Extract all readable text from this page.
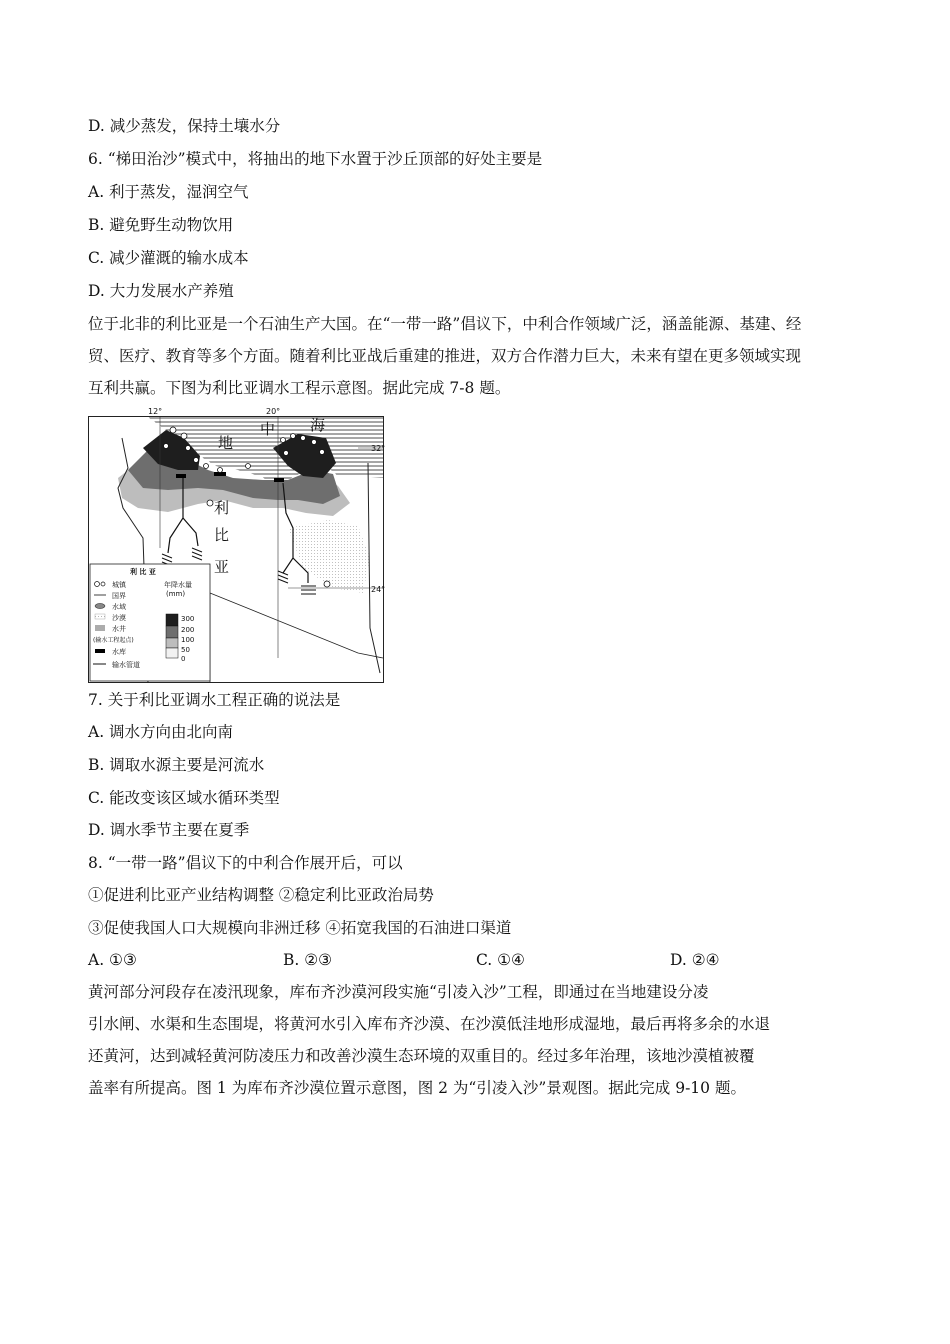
D. 减少蒸发，保持土壤水分
6. “梯田治沙”模式中，将抽出的地下水置于沙丘顶部的好处主要是
A. 利于蒸发，湿润空气
B. 避免野生动物饮用
C. 减少灌溉的输水成本
D. 大力发展水产养殖
位于北非的利比亚是一个石油生产大国。在“一带一路”倡议下，中利合作领域广泛，涵盖能源、基建、经
贸、医疗、教育等多个方面。随着利比亚战后重建的推进，双方合作潜力巨大，未来有望在更多领域实现
互利共赢。下图为利比亚调水工程示意图。据此完成 7-8 题。
12°	20°
32°
24°
地
中 海
利
比
亚
利 比 亚
城镇
国界
水域
沙漠
水井
(输水工程起点)
水库
输水管道
年降水量
(mm)
300
200
100
50
0
7. 关于利比亚调水工程正确的说法是
A. 调水方向由北向南
B. 调取水源主要是河流水
C. 能改变该区域水循环类型
D. 调水季节主要在夏季
8. “一带一路”倡议下的中利合作展开后，可以
①促进利比亚产业结构调整 ②稳定利比亚政治局势
③促使我国人口大规模向非洲迁移 ④拓宽我国的石油进口渠道
A. ①③	B. ②③	C. ①④	D. ②④
黄河部分河段存在凌汛现象，库布齐沙漠河段实施“引凌入沙”工程，即通过在当地建设分凌
引水闸、水渠和生态围堤，将黄河水引入库布齐沙漠、在沙漠低洼地形成湿地，最后再将多余的水退
还黄河，达到减轻黄河防凌压力和改善沙漠生态环境的双重目的。经过多年治理，该地沙漠植被覆
盖率有所提高。图 1 为库布齐沙漠位置示意图，图 2 为“引凌入沙”景观图。据此完成 9-10 题。
